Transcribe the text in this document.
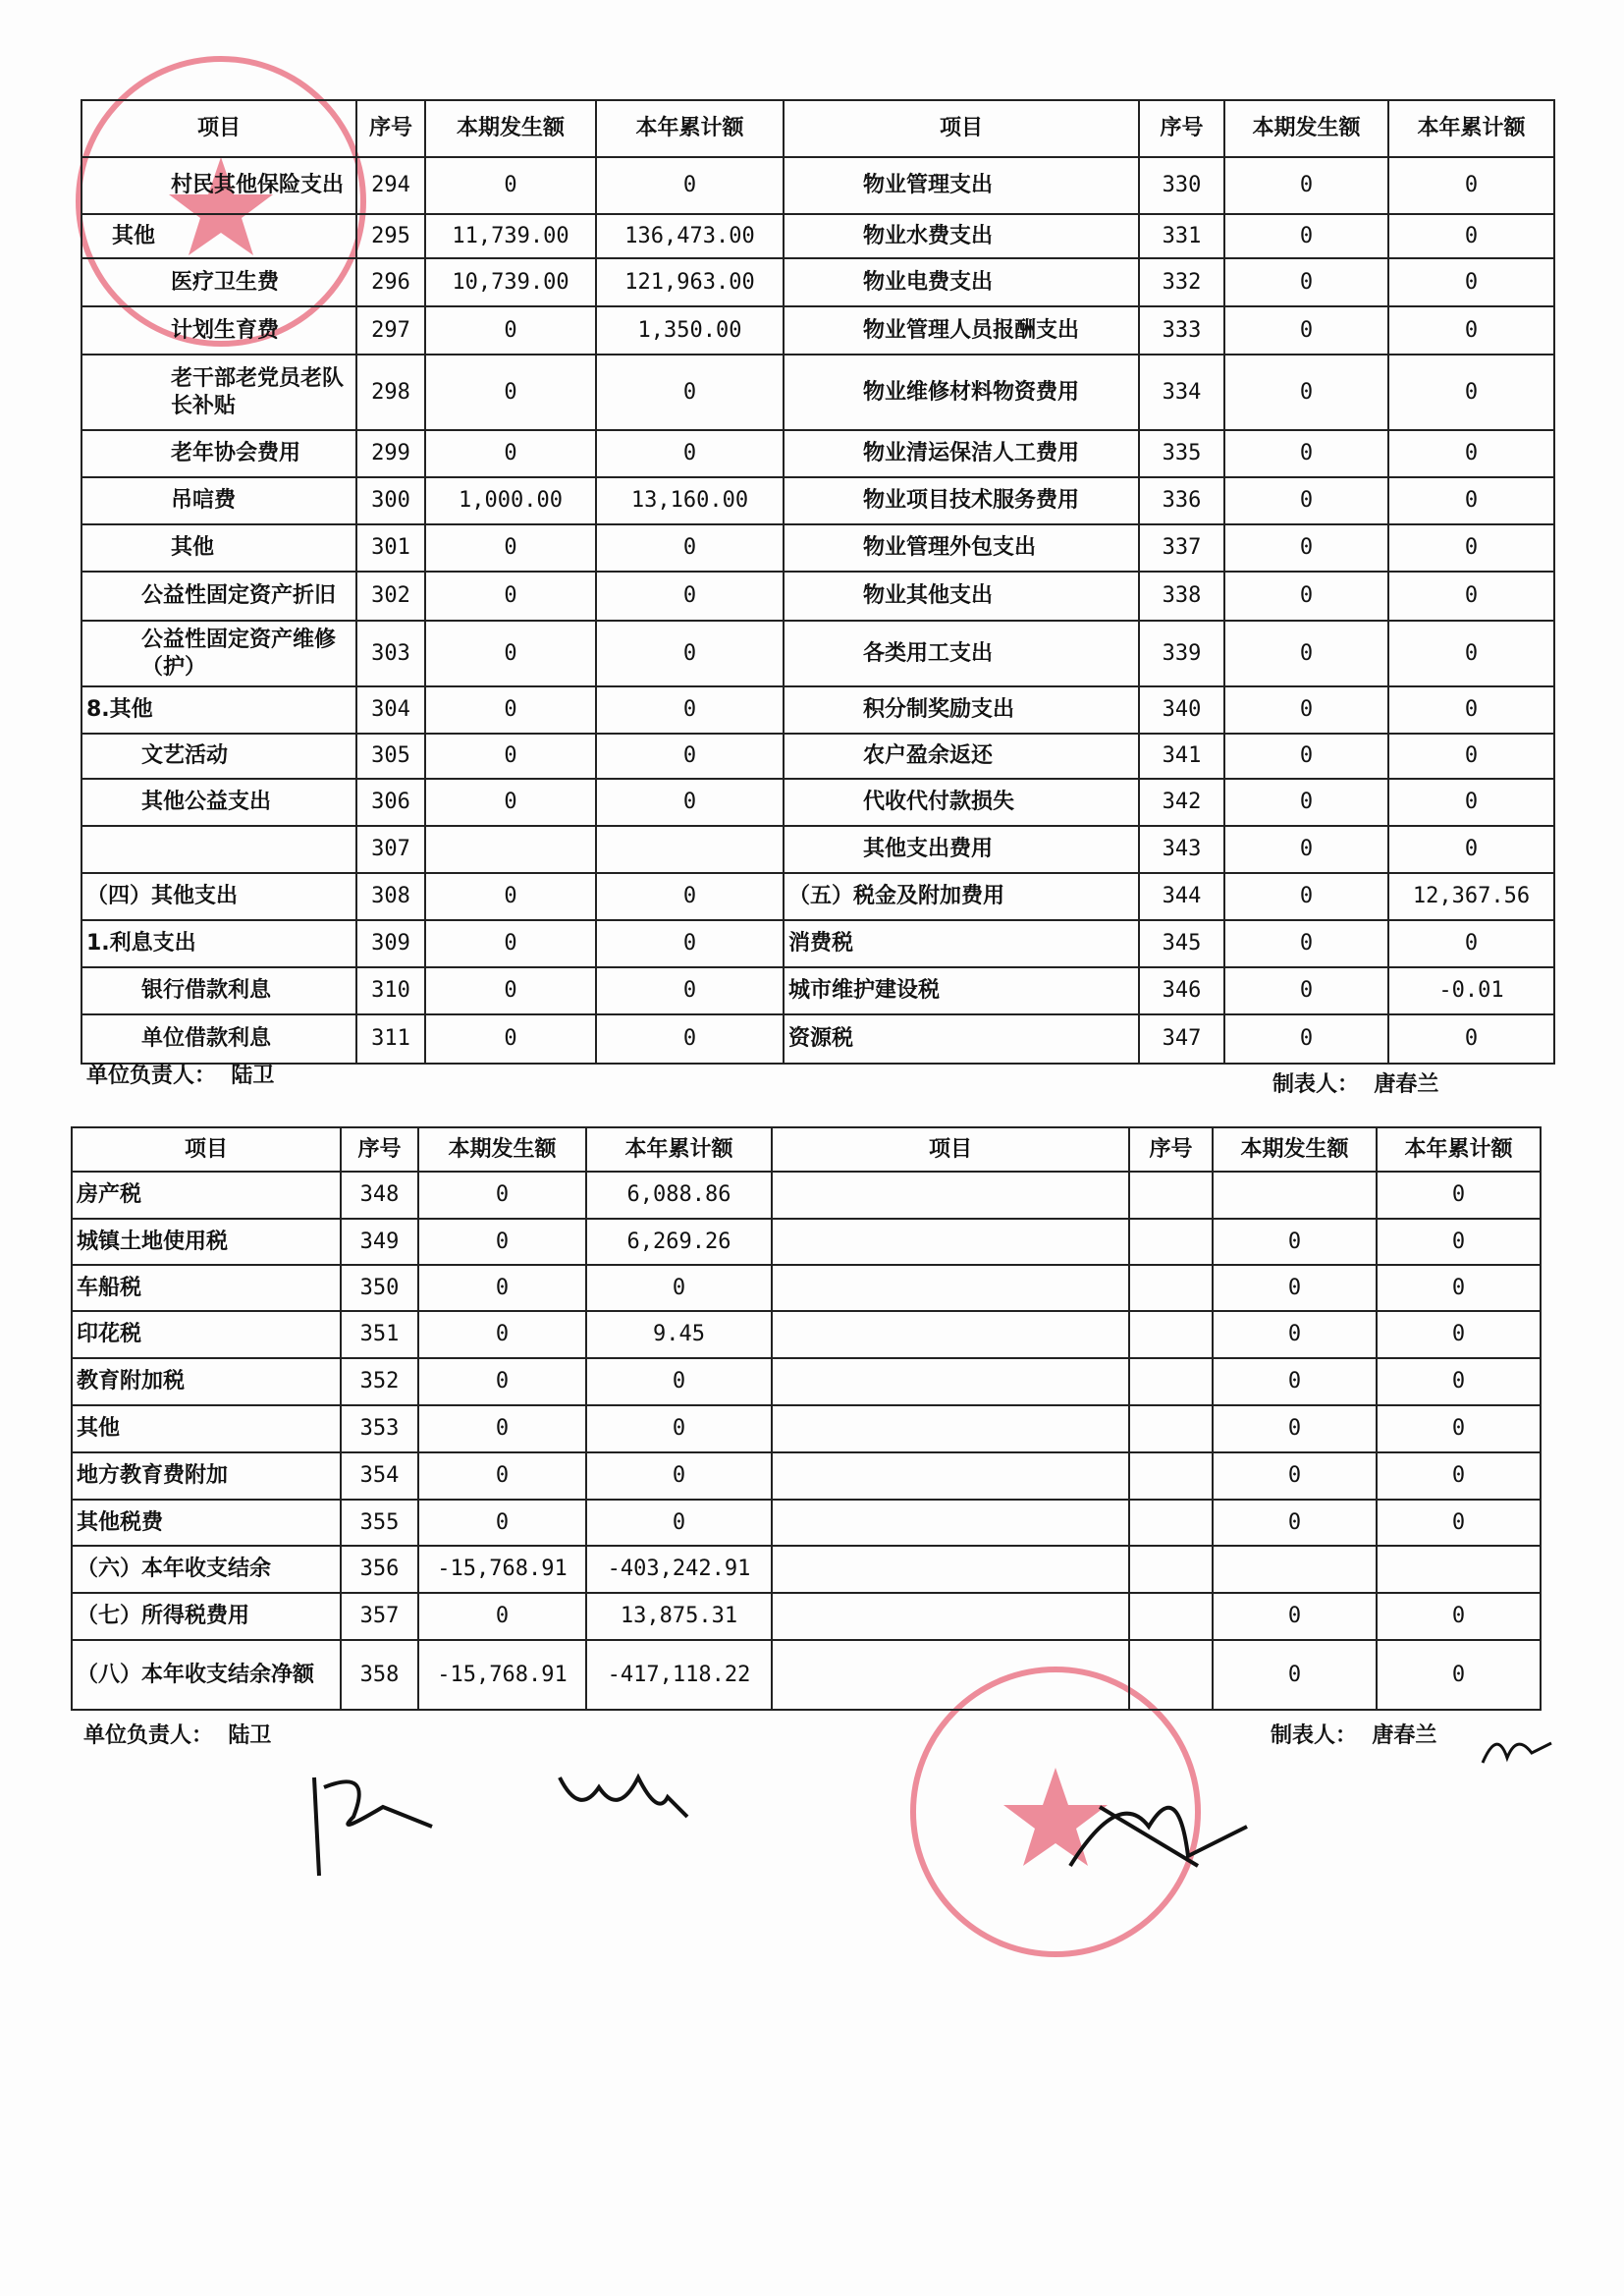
项目	序号	本期发生额	本年累计额	项目	序号	本期发生额	本年累计额
村民其他保险支出	294	0	0	物业管理支出	330	0	0
其他	295	11,739.00	136,473.00	物业水费支出	331	0	0
医疗卫生费	296	10,739.00	121,963.00	物业电费支出	332	0	0
计划生育费	297	0	1,350.00	物业管理人员报酬支出	333	0	0
老干部老党员老队长补贴	298	0	0	物业维修材料物资费用	334	0	0
老年协会费用	299	0	0	物业清运保洁人工费用	335	0	0
吊唁费	300	1,000.00	13,160.00	物业项目技术服务费用	336	0	0
其他	301	0	0	物业管理外包支出	337	0	0
公益性固定资产折旧	302	0	0	物业其他支出	338	0	0
公益性固定资产维修（护）	303	0	0	各类用工支出	339	0	0
8.其他	304	0	0	积分制奖励支出	340	0	0
文艺活动	305	0	0	农户盈余返还	341	0	0
其他公益支出	306	0	0	代收代付款损失	342	0	0
	307			其他支出费用	343	0	0
（四）其他支出	308	0	0	（五）税金及附加费用	344	0	12,367.56
1.利息支出	309	0	0	消费税	345	0	0
银行借款利息	310	0	0	城市维护建设税	346	0	-0.01
单位借款利息	311	0	0	资源税	347	0	0
单位负责人： 陆卫	制表人： 唐春兰
项目	序号	本期发生额	本年累计额	项目	序号	本期发生额	本年累计额
房产税	348	0	6,088.86				0
城镇土地使用税	349	0	6,269.26			0	0
车船税	350	0	0			0	0
印花税	351	0	9.45			0	0
教育附加税	352	0	0			0	0
其他	353	0	0			0	0
地方教育费附加	354	0	0			0	0
其他税费	355	0	0			0	0
（六）本年收支结余	356	-15,768.91	-403,242.91				
（七）所得税费用	357	0	13,875.31			0	0
（八）本年收支结余净额	358	-15,768.91	-417,118.22			0	0
单位负责人： 陆卫	制表人： 唐春兰
